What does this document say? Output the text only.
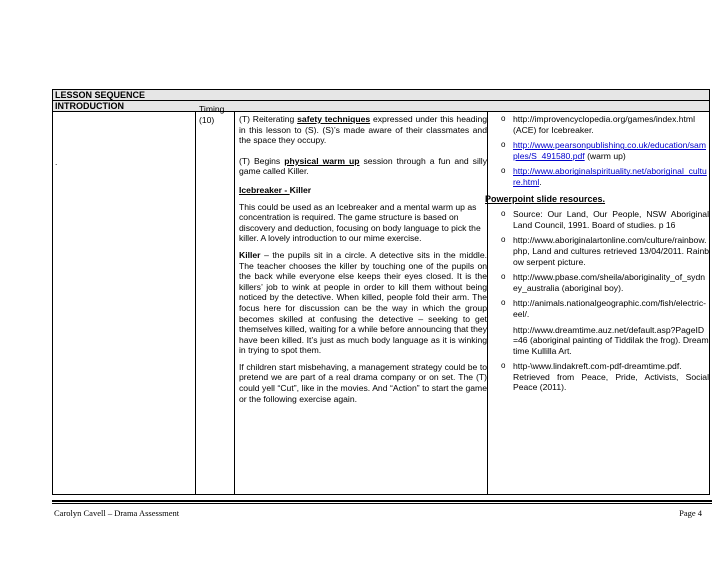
LESSON SEQUENCE
INTRODUCTION
.
Timing
(10)	(T) Reiterating safety techniques expressed under this heading in this lesson to (S). (S)’s made aware of their classmates and the space they occupy.

(T) Begins physical warm up session through a fun and silly game called Killer.

Icebreaker - Killer

This could be used as an Icebreaker and a mental warm up as concentration is required. The game structure is based on discovery and deduction, focusing on body language to pick the killer. A lovely introduction to our mime exercise.

Killer – the pupils sit in a circle. A detective sits in the middle. The teacher chooses the killer by touching one of the pupils on the back while everyone else keeps their eyes closed. It is the killers’ job to wink at people in order to kill them without being noticed by the detective. When killed, people fold their arm. The focus here for discussion can be the way in which the group becomes skilled at confusing the detective – seeking to get themselves killed, waiting for a while before announcing that they have been killed. It’s just as much body language as it is winking in trying to spot them.

If children start misbehaving, a management strategy could be to pretend we are part of a real drama company or on set. The (T) could yell “Cut”, like in the movies. And “Action” to start the game or the following exercise again.

o http://improvencyclopedia.org/games/index.html (ACE) for Icebreaker.
o http://www.pearsonpublishing.co.uk/education/samples/S_491580.pdf (warm up)
o http://www.aboriginalspirituality.net/aboriginal_culture.html.
Powerpoint slide resources.
o Source: Our Land, Our People, NSW Aboriginal Land Council, 1991. Board of studies. p 16
o http://www.aboriginalartonline.com/culture/rainbow.php, Land and cultures retrieved 13/04/2011. Rainbow serpent picture.
o http://www.pbase.com/sheila/aboriginality_of_sydney_australia (aboriginal boy).
o http://animals.nationalgeographic.com/fish/electric-eel/.
http://www.dreamtime.auz.net/default.asp?PageID=46 (aboriginal painting of Tiddilak the frog). Dreamtime Kullilla Art.
o http-\www.lindakreft.com-pdf-dreamtime.pdf. Retrieved from Peace, Pride, Activists, Social Peace (2011).
Carolyn Cavell – Drama Assessment	Page 4
